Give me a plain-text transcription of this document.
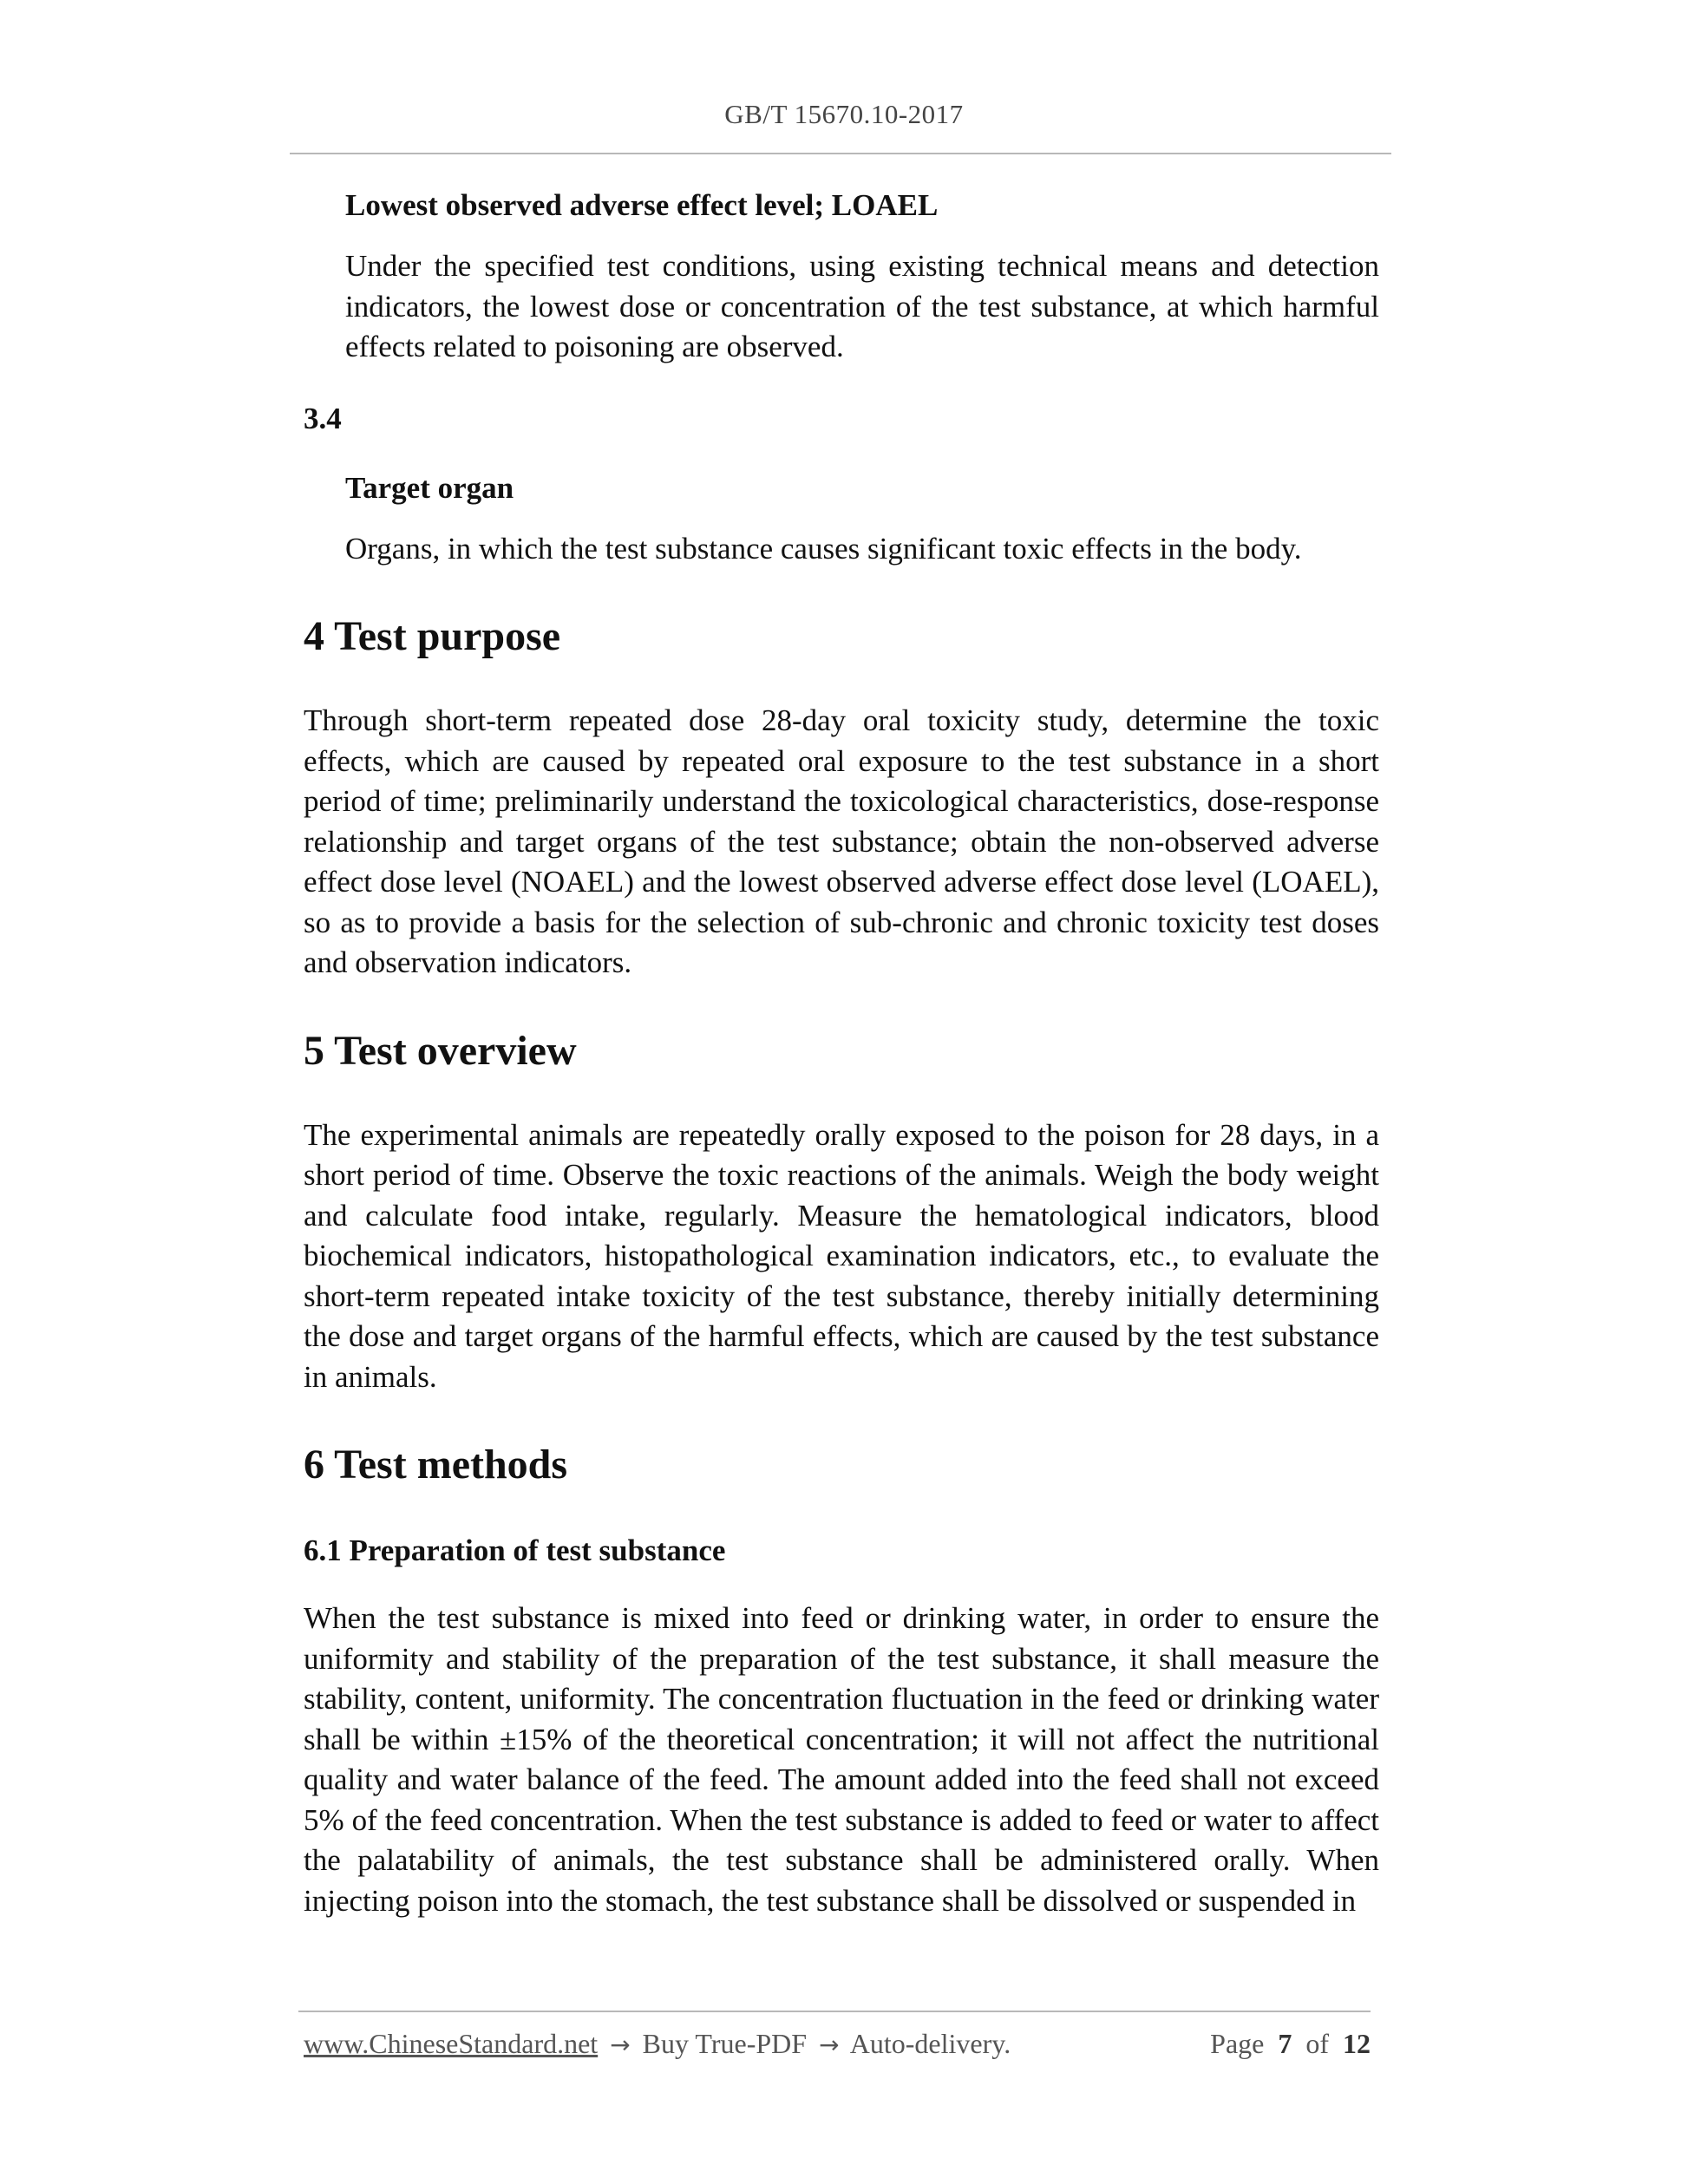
GB/T 15670.10-2017
Lowest observed adverse effect level; LOAEL

Under the specified test conditions, using existing technical means and detection indicators, the lowest dose or concentration of the test substance, at which harmful effects related to poisoning are observed.

3.4
Target organ

Organs, in which the test substance causes significant toxic effects in the body.

4 Test purpose

Through short-term repeated dose 28-day oral toxicity study, determine the toxic effects, which are caused by repeated oral exposure to the test substance in a short period of time; preliminarily understand the toxicological characteristics, dose-response relationship and target organs of the test substance; obtain the non-observed adverse effect dose level (NOAEL) and the lowest observed adverse effect dose level (LOAEL), so as to provide a basis for the selection of sub-chronic and chronic toxicity test doses and observation indicators.

5 Test overview

The experimental animals are repeatedly orally exposed to the poison for 28 days, in a short period of time. Observe the toxic reactions of the animals. Weigh the body weight and calculate food intake, regularly. Measure the hematological indicators, blood biochemical indicators, histopathological examination indicators, etc., to evaluate the short-term repeated intake toxicity of the test substance, thereby initially determining the dose and target organs of the harmful effects, which are caused by the test substance in animals.

6 Test methods
6.1 Preparation of test substance

When the test substance is mixed into feed or drinking water, in order to ensure the uniformity and stability of the preparation of the test substance, it shall measure the stability, content, uniformity. The concentration fluctuation in the feed or drinking water shall be within ±15% of the theoretical concentration; it will not affect the nutritional quality and water balance of the feed. The amount added into the feed shall not exceed 5% of the feed concentration. When the test substance is added to feed or water to affect the palatability of animals, the test substance shall be administered orally. When injecting poison into the stomach, the test substance shall be dissolved or suspended in

www.ChineseStandard.net → Buy True-PDF → Auto-delivery.	Page 7 of 12
